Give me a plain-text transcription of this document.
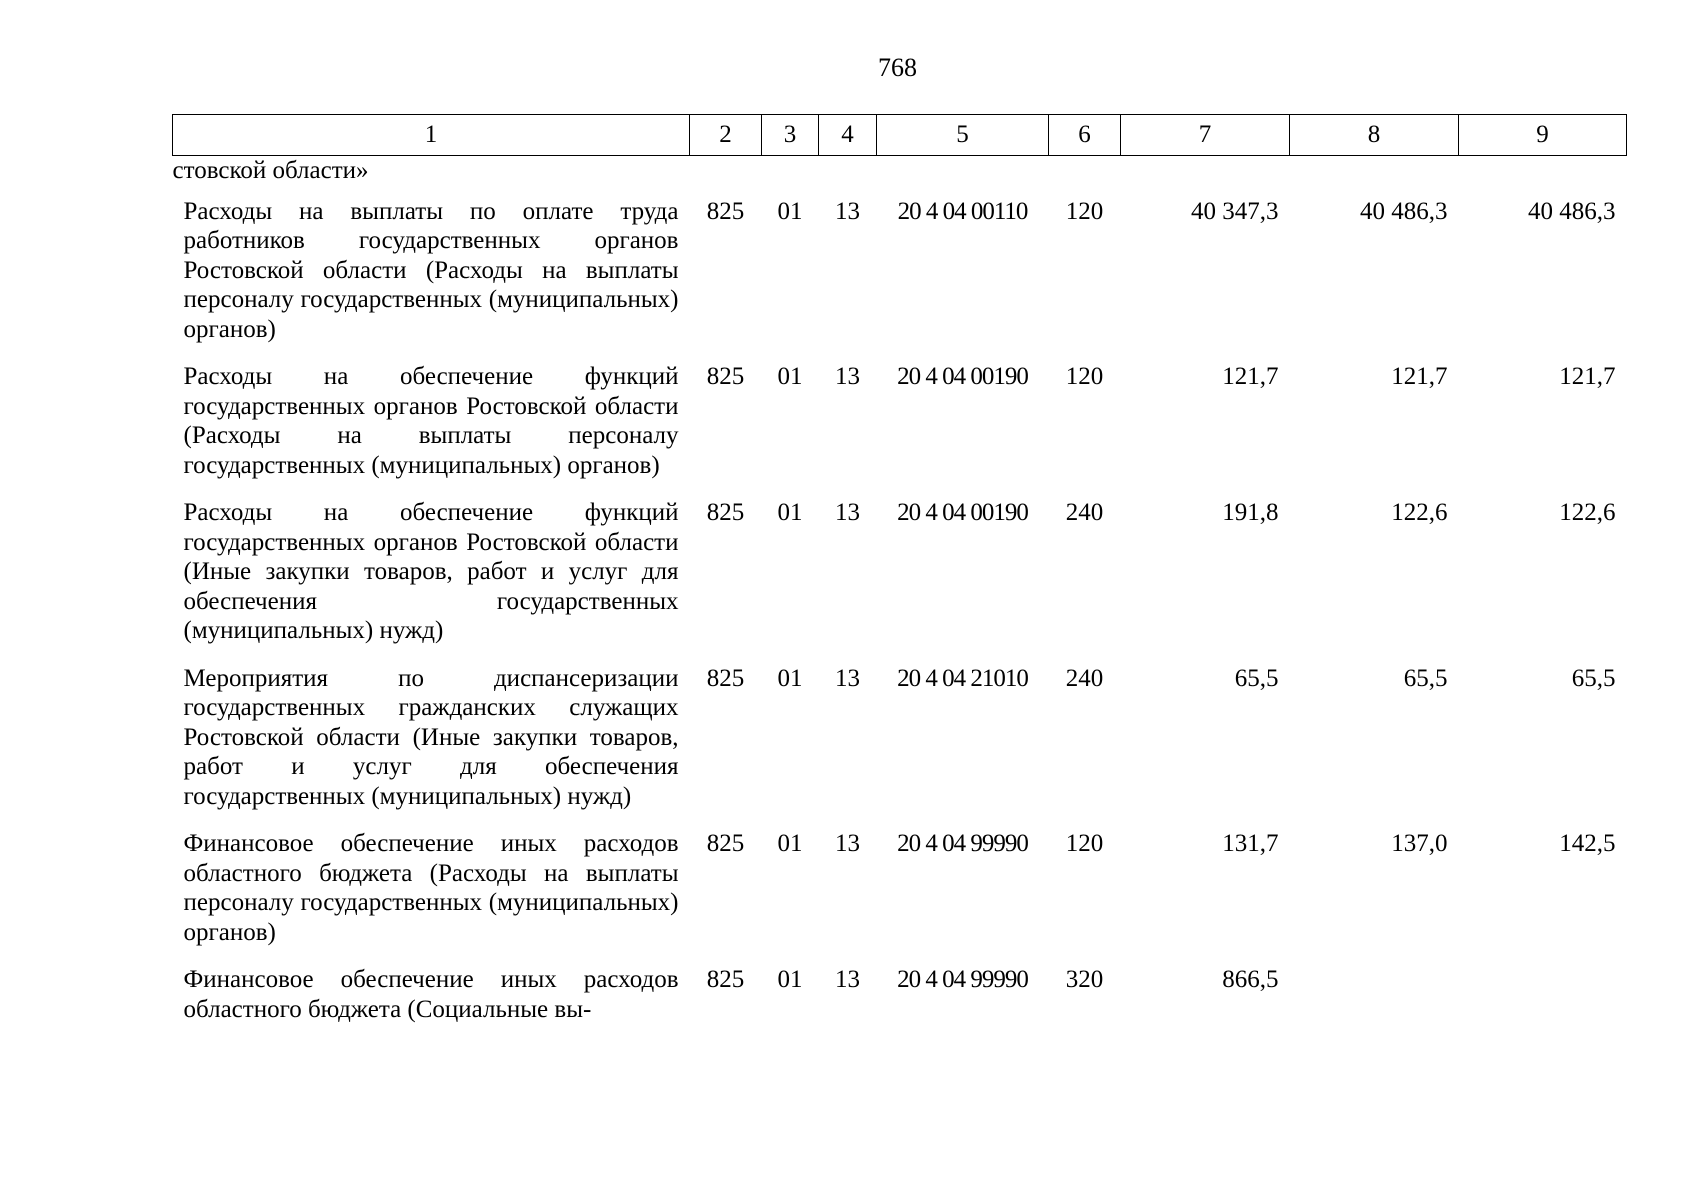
768
1	2	3	4	5	6	7	8	9
стовской области»								
Расходы на выплаты по оплате труда работников государственных органов Ростовской области (Расходы на выплаты персоналу государственных (муниципальных) органов)	825	01	13	20 4 04 00110	120	40 347,3	40 486,3	40 486,3
Расходы на обеспечение функций государственных органов Ростовской области (Расходы на выплаты персоналу государственных (муниципальных) органов)	825	01	13	20 4 04 00190	120	121,7	121,7	121,7
Расходы на обеспечение функций государственных органов Ростовской области (Иные закупки товаров, работ и услуг для обеспечения государственных (муниципальных) нужд)	825	01	13	20 4 04 00190	240	191,8	122,6	122,6
Мероприятия по диспансеризации государственных гражданских служащих Ростовской области (Иные закупки товаров, работ и услуг для обеспечения государственных (муниципальных) нужд)	825	01	13	20 4 04 21010	240	65,5	65,5	65,5
Финансовое обеспечение иных расходов областного бюджета (Расходы на выплаты персоналу государственных (муниципальных) органов)	825	01	13	20 4 04 99990	120	131,7	137,0	142,5
Финансовое обеспечение иных расходов областного бюджета (Социальные вы-	825	01	13	20 4 04 99990	320	866,5		
